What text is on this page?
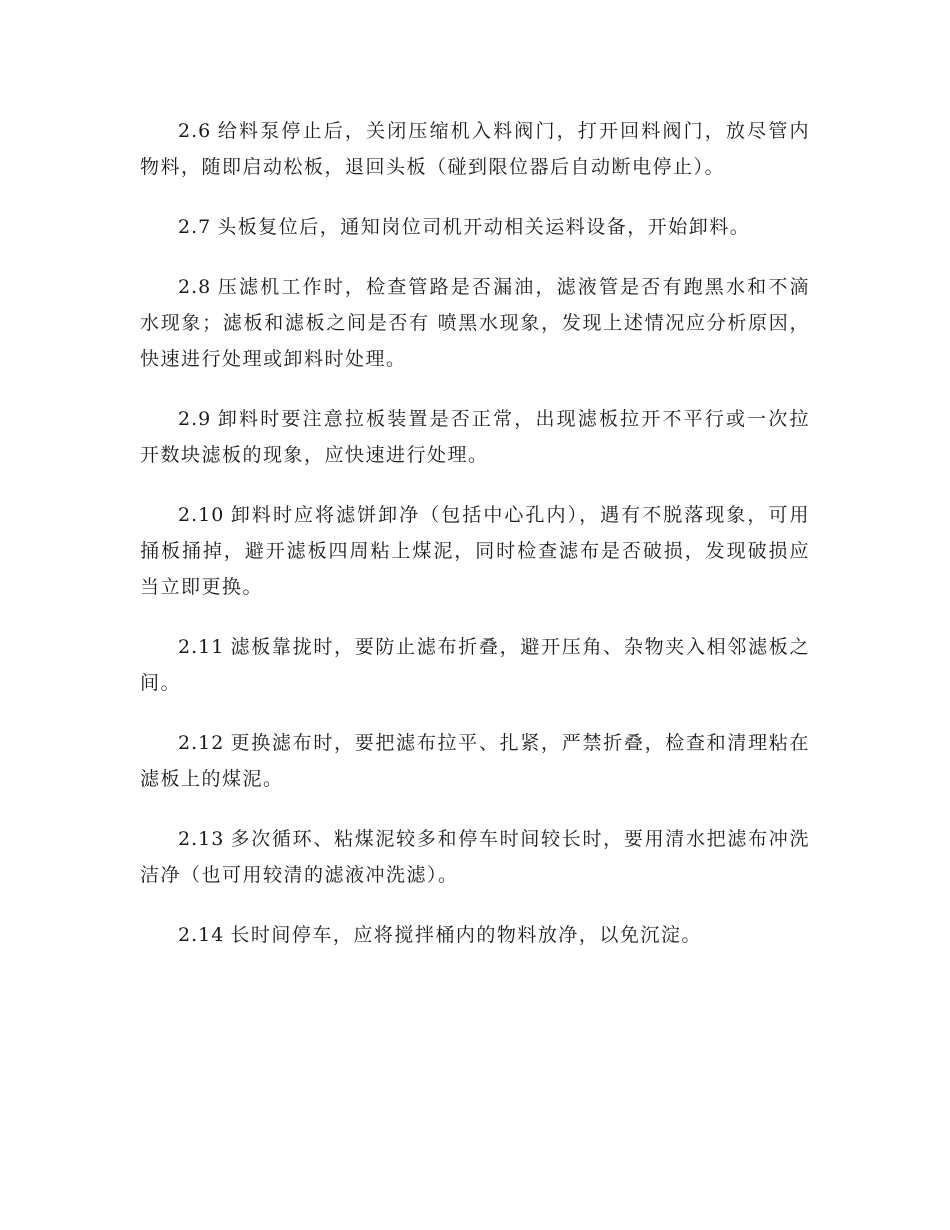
2.6 给料泵停止后，关闭压缩机入料阀门，打开回料阀门，放尽管内物料，随即启动松板，退回头板（碰到限位器后自动断电停止）。

2.7 头板复位后，通知岗位司机开动相关运料设备，开始卸料。

2.8 压滤机工作时，检查管路是否漏油，滤液管是否有跑黑水和不滴水现象；滤板和滤板之间是否有 喷黑水现象，发现上述情况应分析原因，快速进行处理或卸料时处理。

2.9 卸料时要注意拉板装置是否正常，出现滤板拉开不平行或一次拉开数块滤板的现象，应快速进行处理。

2.10 卸料时应将滤饼卸净（包括中心孔内），遇有不脱落现象，可用捅板捅掉，避开滤板四周粘上煤泥，同时检查滤布是否破损，发现破损应当立即更换。

2.11 滤板靠拢时，要防止滤布折叠，避开压角、杂物夹入相邻滤板之间。

2.12 更换滤布时，要把滤布拉平、扎紧，严禁折叠，检查和清理粘在滤板上的煤泥。

2.13 多次循环、粘煤泥较多和停车时间较长时，要用清水把滤布冲洗洁净（也可用较清的滤液冲洗滤）。

2.14 长时间停车，应将搅拌桶内的物料放净，以免沉淀。
